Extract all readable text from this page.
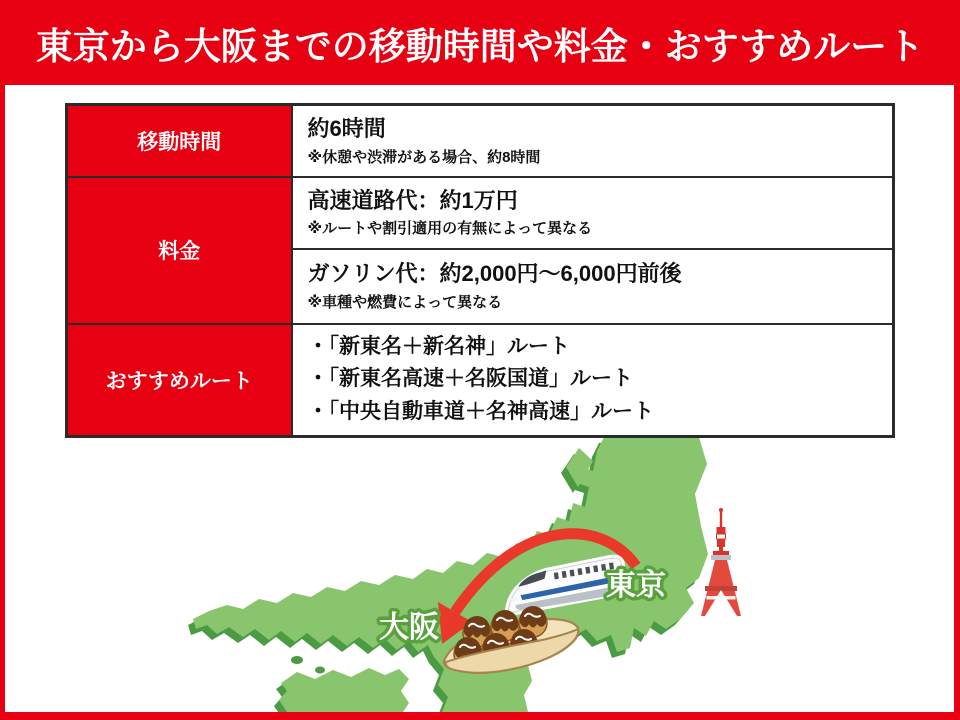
東京から大阪までの移動時間や料金・おすすめルート
移動時間	約6時間
※休憩や渋滞がある場合、約8時間

料金	高速道路代：約1万円
※ルートや割引適用の有無によって異なる

	ガソリン代：約2,000円〜6,000円前後
※車種や燃費によって異なる

おすすめルート	・「新東名＋新名神」ルート
・「新東名高速＋名阪国道」ルート
・「中央自動車道＋名神高速」ルート
東京
大阪
